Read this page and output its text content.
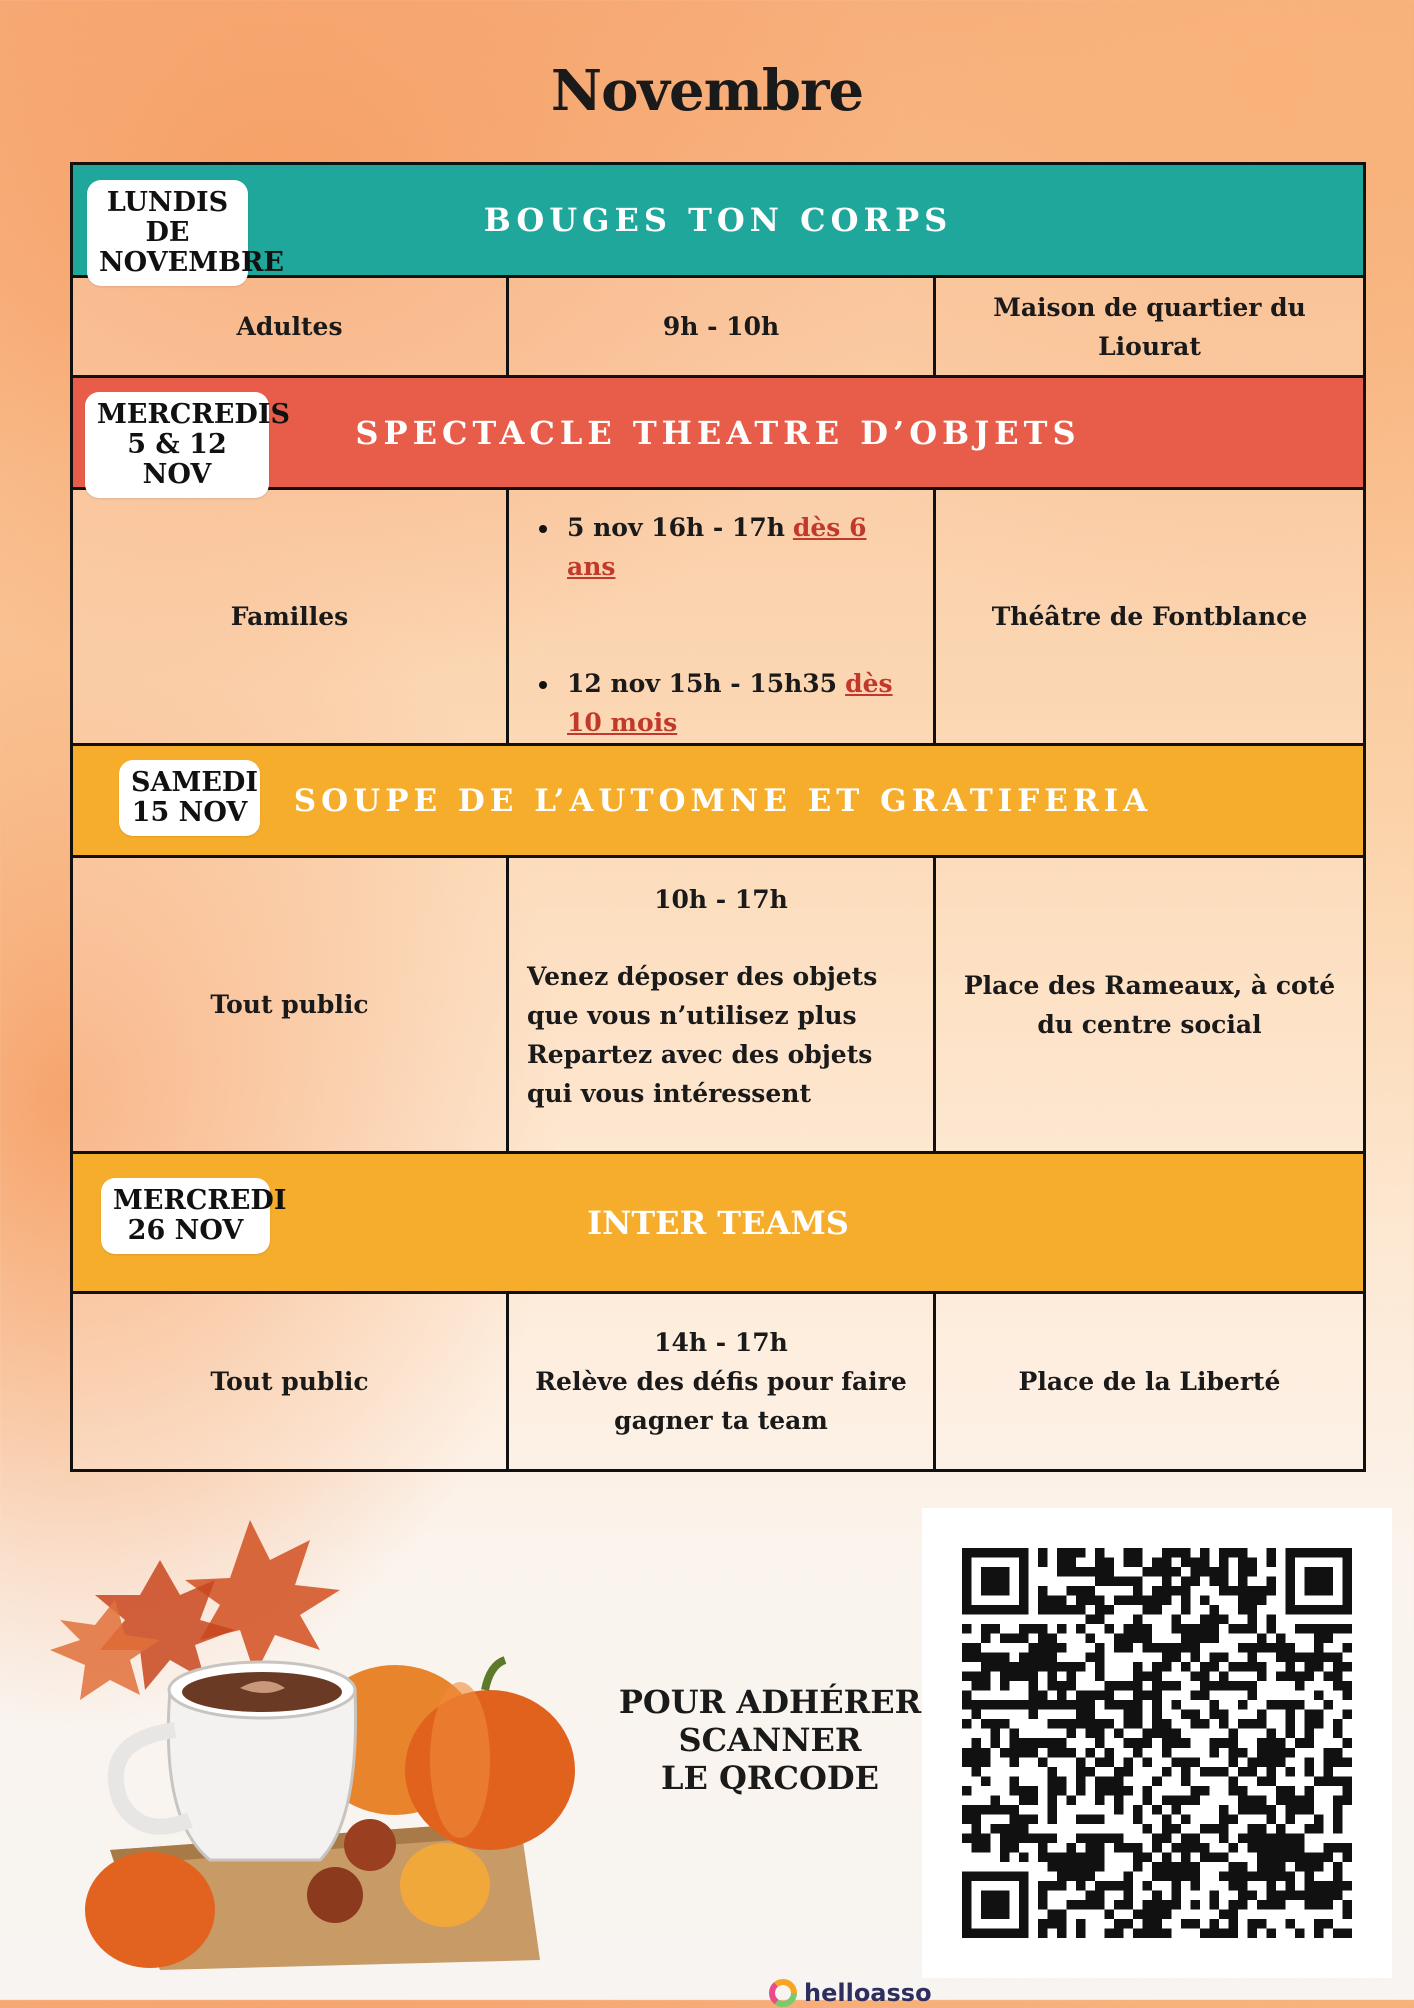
Novembre
LUNDIS DE
NOVEMBRE
BOUGES TON CORPS
Adultes	9h - 10h
Maison de quartier du Liourat
MERCREDIS
5 & 12 NOV
SPECTACLE THEATRE D’OBJETS
Familles
5 nov 16h - 17h dès 6 ans
12 nov 15h - 15h35 dès 10 mois
Théâtre de Fontblance
SAMEDI
15 NOV SOUPE DE L’AUTOMNE ET GRATIFERIA
Tout public
10h - 17h
Venez déposer des objets que vous n’utilisez plus
Repartez avec des objets qui vous intéressent
Place des Rameaux, à coté du centre social
MERCREDI
26 NOV	INTER TEAMS
Tout public
14h - 17h
Relève des défis pour faire gagner ta team
Place de la Liberté
POUR ADHÉRER
SCANNER
LE QRCODE
helloasso
